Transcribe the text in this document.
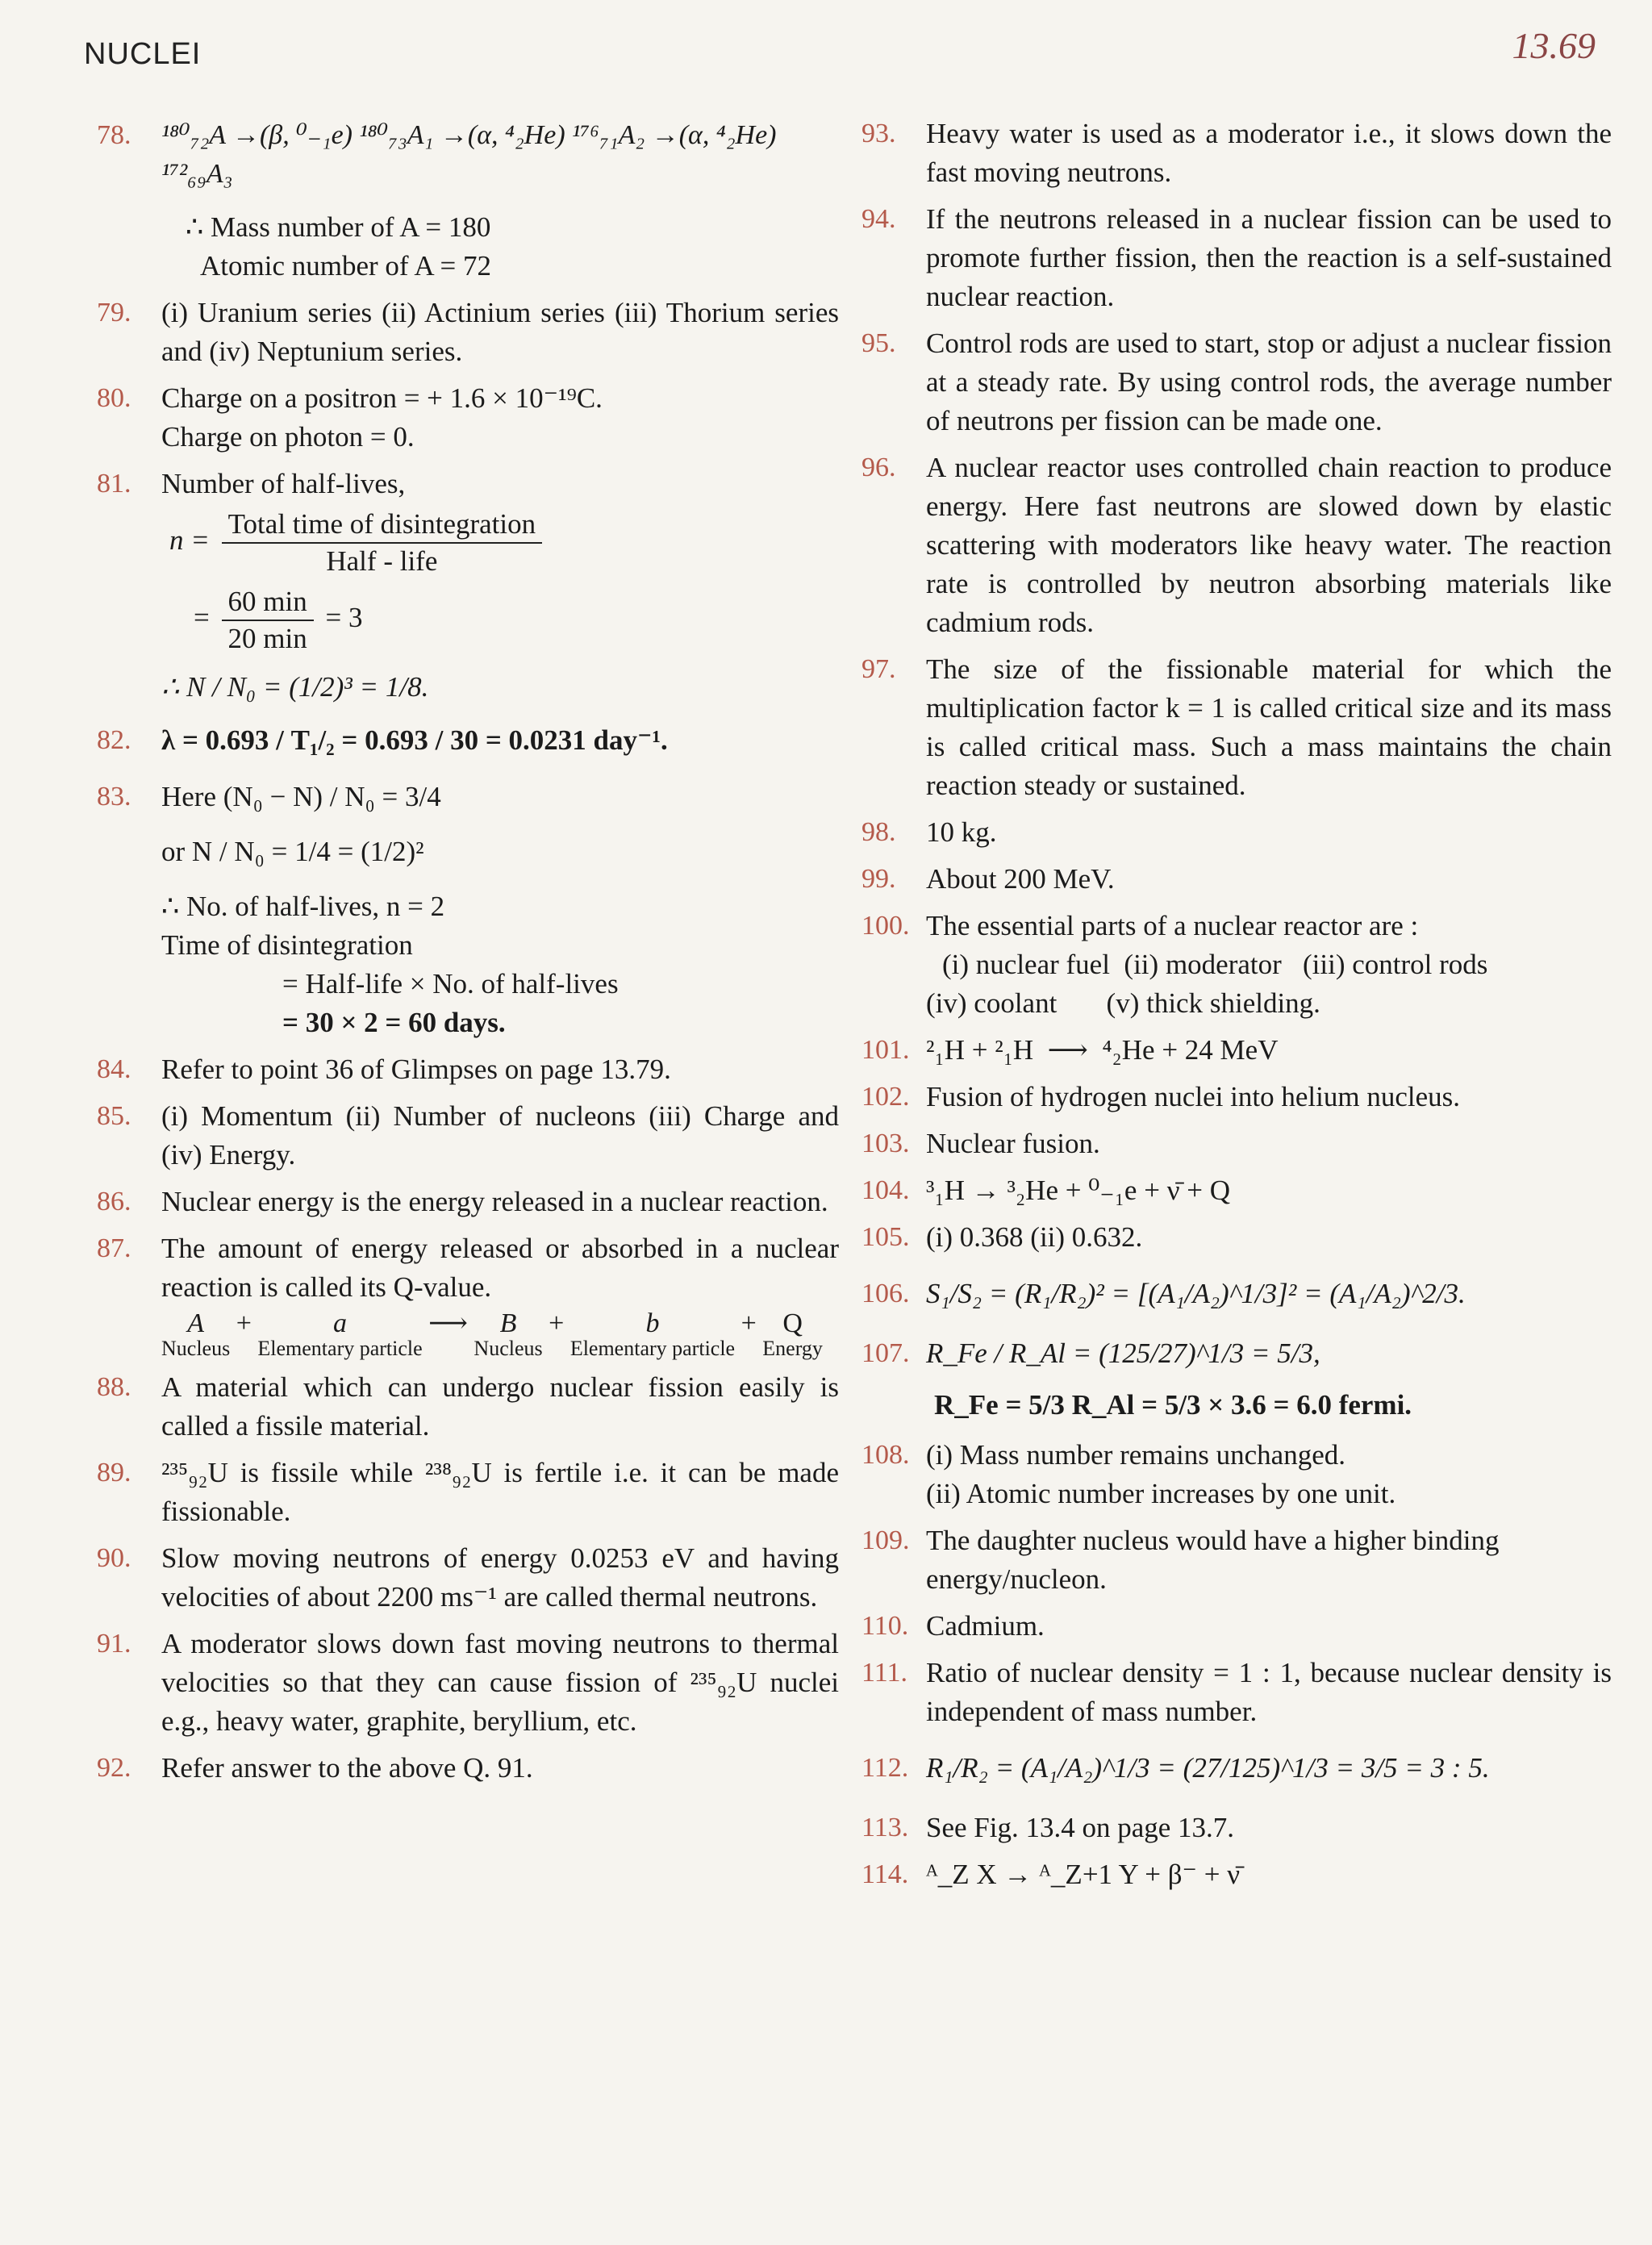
NUCLEI	13.69
78.	¹⁸⁰₇₂A →(β, ⁰₋₁e) ¹⁸⁰₇₃A₁ →(α, ⁴₂He) ¹⁷⁶₇₁A₂ →(α, ⁴₂He) ¹⁷²₆₉A₃
∴ Mass number of A = 180
Atomic number of A = 72
79.	(i) Uranium series (ii) Actinium series (iii) Thorium series and (iv) Neptunium series.
80.	Charge on a positron = + 1.6 × 10⁻¹⁹C.
Charge on photon = 0.
81.	Number of half-lives,
$n = \frac{\text{Total time of disintegration}}{\text{Half - life}}$
= $\frac{60 \min}{20 \min} = 3$
∴ N / N₀ = (1/2)³ = 1/8.
82.	λ = 0.693 / T₁/₂ = 0.693 / 30 = 0.0231 day⁻¹.
83.	Here (N₀ − N) / N₀ = 3/4
or N / N₀ = 1/4 = (1/2)²
∴ No. of half-lives, n = 2
Time of disintegration
= Half-life × No. of half-lives
= 30 × 2 = 60 days.
84.	Refer to point 36 of Glimpses on page 13.79.
85.	(i) Momentum (ii) Number of nucleons (iii) Charge and (iv) Energy.
86.	Nuclear energy is the energy released in a nuclear reaction.
87.	The amount of energy released or absorbed in a nuclear reaction is called its Q-value.
A
Nucleus
+	a
Elementary particle
⟶	B
Nucleus
+	b
Elementary particle
+ Q
Energy
88.	A material which can undergo nuclear fission easily is called a fissile material.
89.	²³⁵₉₂U is fissile while ²³⁸₉₂U is fertile i.e. it can be made fissionable.
90.	Slow moving neutrons of energy 0.0253 eV and having velocities of about 2200 ms⁻¹ are called thermal neutrons.
91.	A moderator slows down fast moving neutrons to thermal velocities so that they can cause fission of ²³⁵₉₂U nuclei e.g., heavy water, graphite, beryllium, etc.
92.	Refer answer to the above Q. 91.
93.	Heavy water is used as a moderator i.e., it slows down the fast moving neutrons.
94.	If the neutrons released in a nuclear fission can be used to promote further fission, then the reaction is a self-sustained nuclear reaction.
95.	Control rods are used to start, stop or adjust a nuclear fission at a steady rate. By using control rods, the average number of neutrons per fission can be made one.
96.	A nuclear reactor uses controlled chain reaction to produce energy. Here fast neutrons are slowed down by elastic scattering with moderators like heavy water. The reaction rate is controlled by neutron absorbing materials like cadmium rods.
97.	The size of the fissionable material for which the multiplication factor k = 1 is called critical size and its mass is called critical mass. Such a mass maintains the chain reaction steady or sustained.
98.	10 kg.
99.	About 200 MeV.
100. The essential parts of a nuclear reactor are :
(i) nuclear fuel  (ii) moderator   (iii) control rods
(iv) coolant       (v) thick shielding.
101. ²₁H + ²₁H  ⟶  ⁴₂He + 24 MeV
102. Fusion of hydrogen nuclei into helium nucleus.
103. Nuclear fusion.
104. ³₁H → ³₂He + ⁰₋₁e + ν̄ + Q
105. (i) 0.368 (ii) 0.632.
106. S₁/S₂ = (R₁/R₂)² = [(A₁/A₂)^1/3]² = (A₁/A₂)^2/3.
107. R_Fe / R_Al = (125/27)^1/3 = 5/3,
R_Fe = 5/3 R_Al = 5/3 × 3.6 = 6.0 fermi.
108. (i) Mass number remains unchanged.
(ii) Atomic number increases by one unit.
109. The daughter nucleus would have a higher binding energy/nucleon.
110. Cadmium.
111. Ratio of nuclear density = 1 : 1, because nuclear density is independent of mass number.
112. R₁/R₂ = (A₁/A₂)^1/3 = (27/125)^1/3 = 3/5 = 3 : 5.
113. See Fig. 13.4 on page 13.7.
114. ᴬ_Z X → ᴬ_Z+1 Y + β⁻ + ν̄
